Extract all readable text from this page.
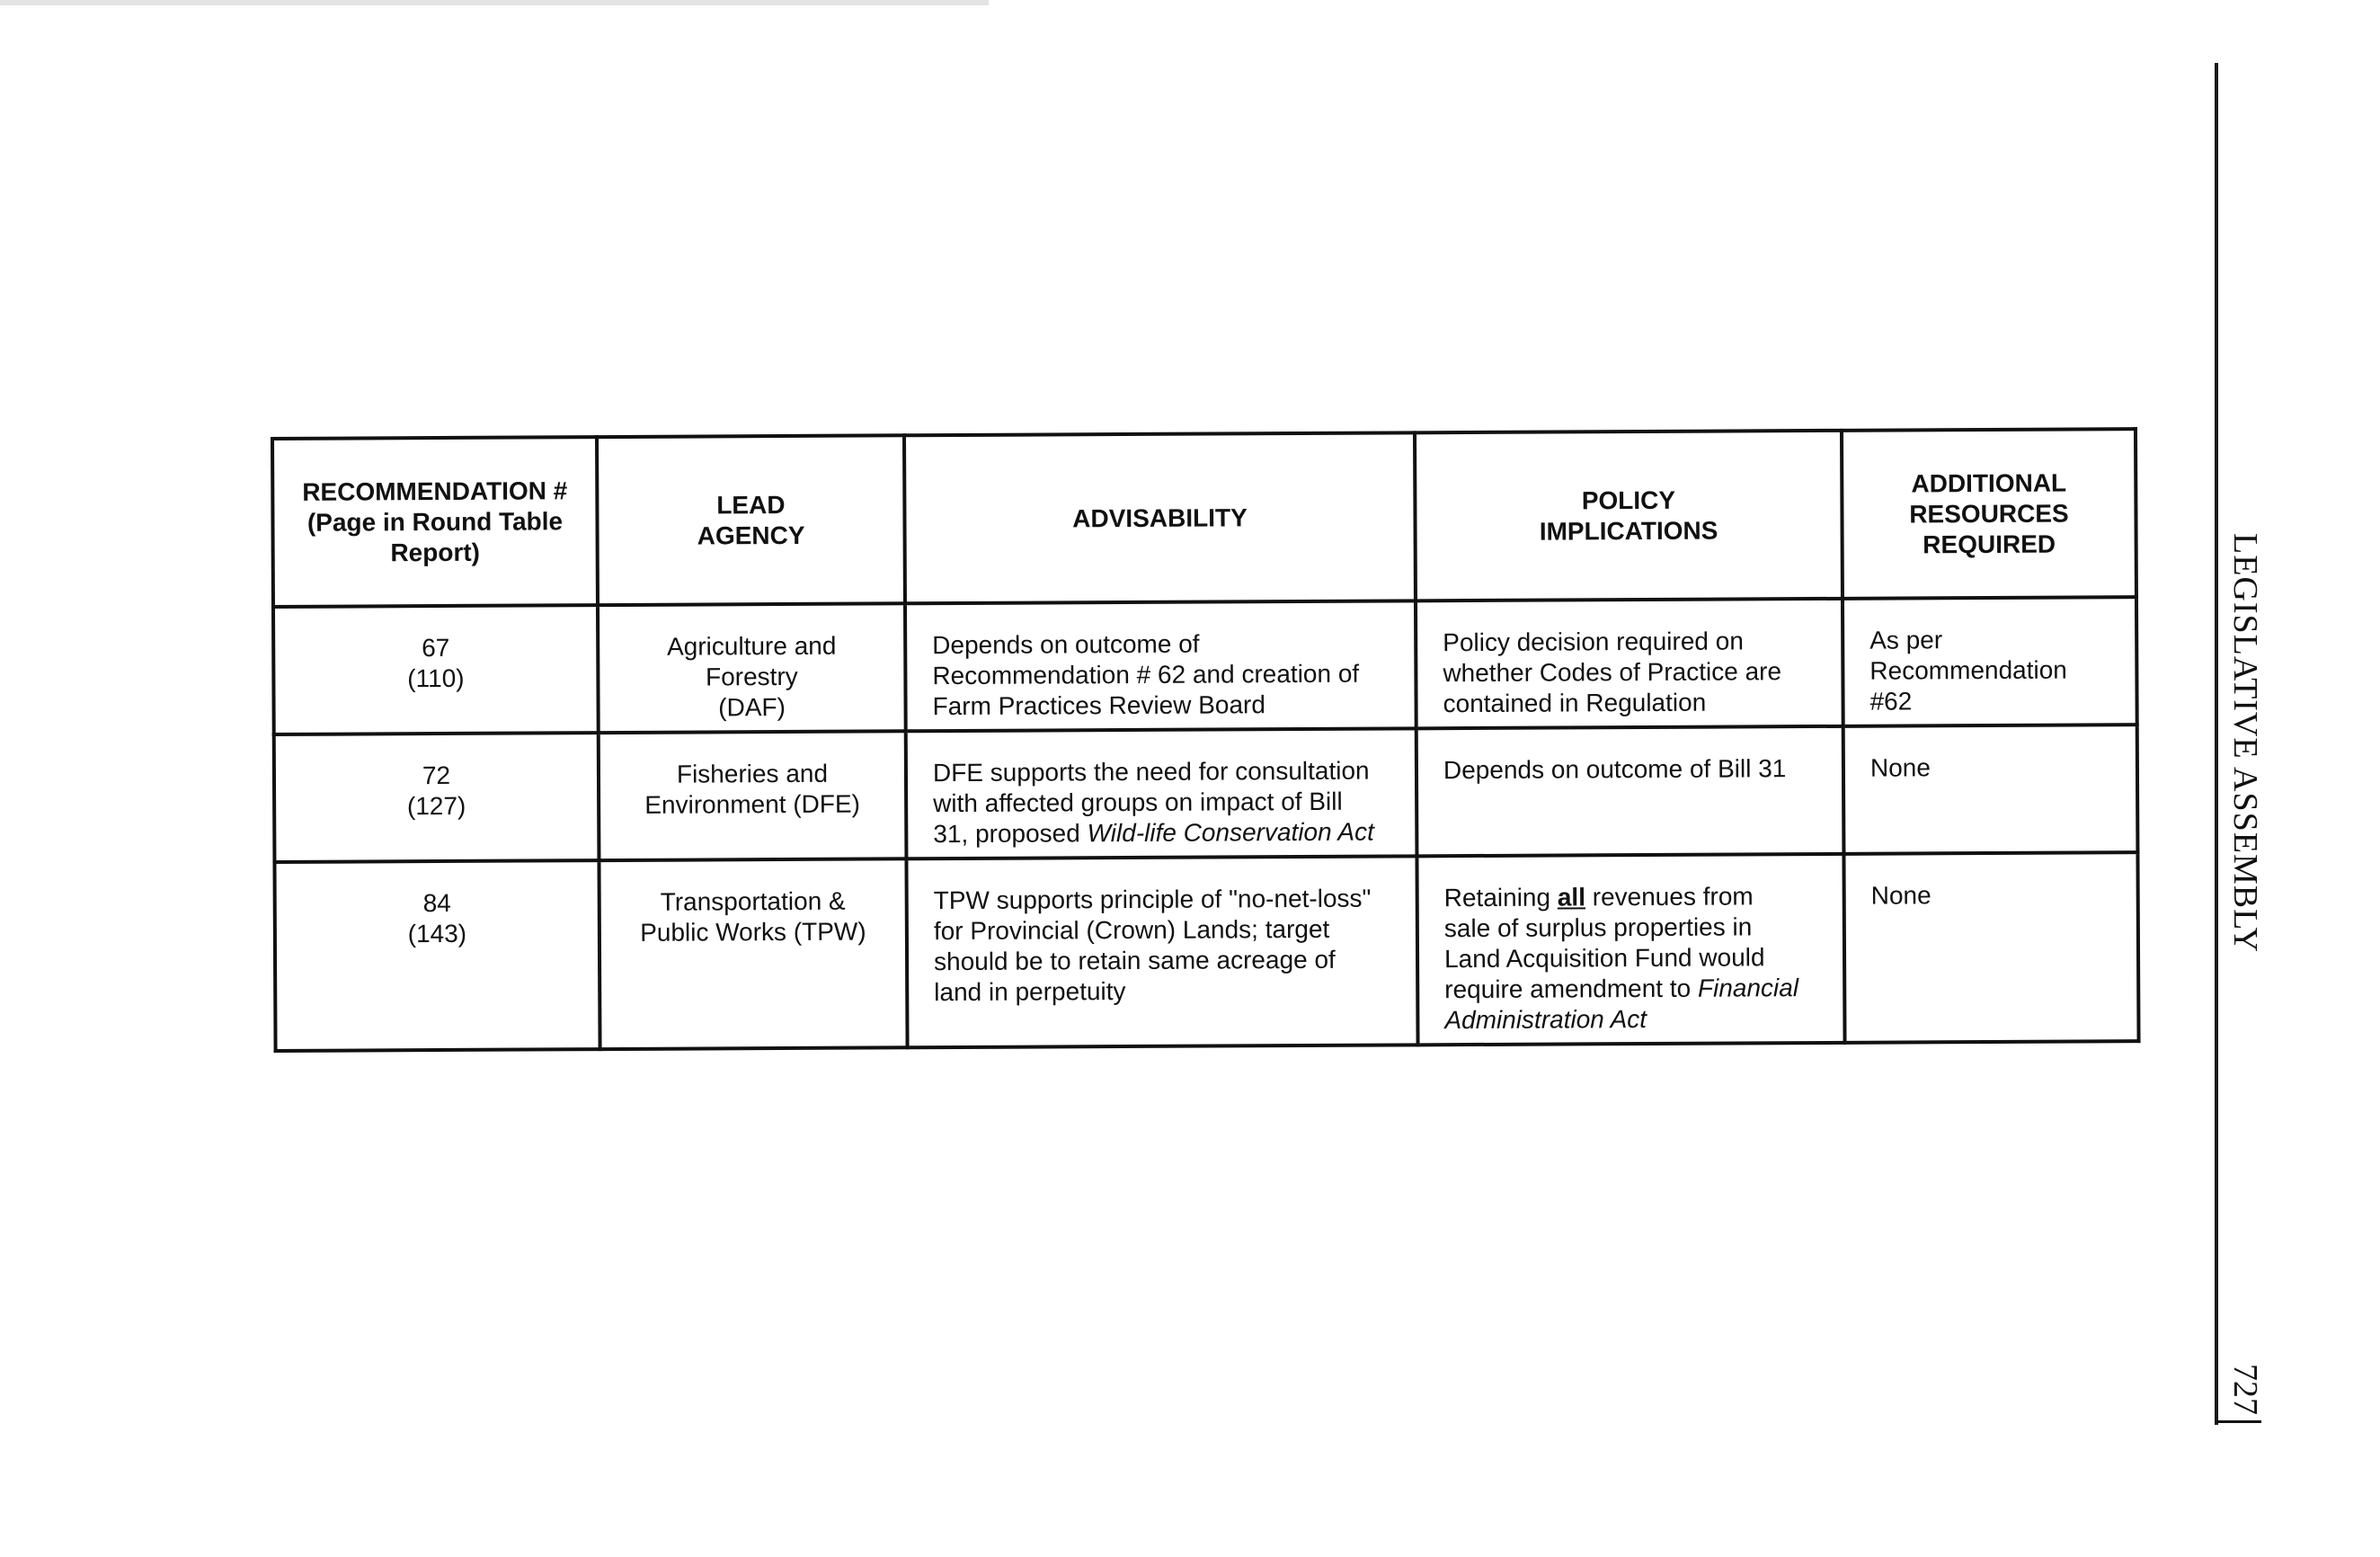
RECOMMENDATION #
(Page in Round Table
Report)	LEAD
AGENCY	ADVISABILITY	POLICY
IMPLICATIONS	ADDITIONAL
RESOURCES
REQUIRED

67
(110)	Agriculture and
Forestry
(DAF)	Depends on outcome of
Recommendation # 62 and creation of
Farm Practices Review Board	Policy decision required on
whether Codes of Practice are
contained in Regulation	As per
Recommendation
#62

72
(127)	Fisheries and
Environment (DFE)	DFE supports the need for consultation
with affected groups on impact of Bill
31, proposed Wild-life Conservation Act	Depends on outcome of Bill 31	None

84
(143)	Transportation &
Public Works (TPW)	TPW supports principle of "no-net-loss"
for Provincial (Crown) Lands; target
should be to retain same acreage of
land in perpetuity	Retaining all revenues from
sale of surplus properties in
Land Acquisition Fund would
require amendment to Financial
Administration Act	None	LEGISLATIVE ASSEMBLY
727
